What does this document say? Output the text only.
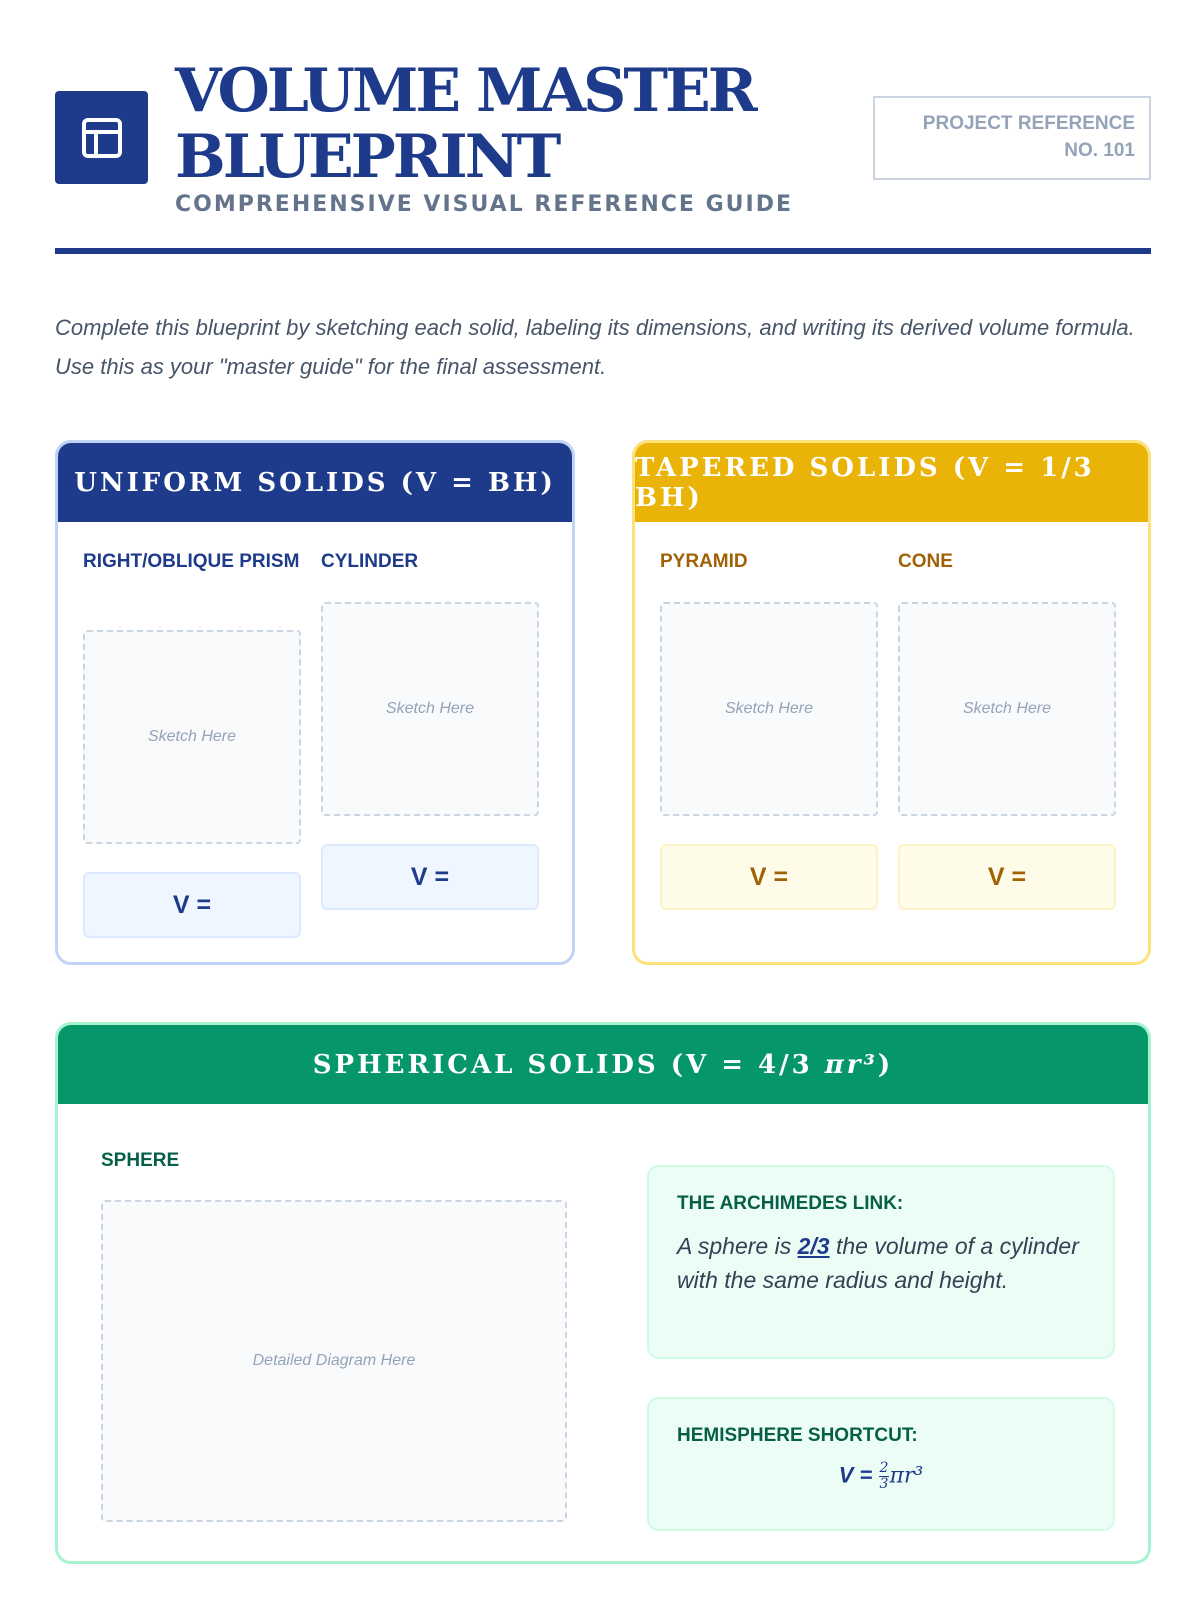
VOLUME MASTER
BLUEPRINT
COMPREHENSIVE VISUAL REFERENCE GUIDE
PROJECT REFERENCE
NO. 101

Complete this blueprint by sketching each solid, labeling its dimensions, and writing its derived volume formula. Use this as your "master guide" for the final assessment.

UNIFORM SOLIDS (V = BH)
RIGHT/OBLIQUE PRISM
Sketch Here
V =
CYLINDER
Sketch Here
V =
TAPERED SOLIDS (V = 1/3 BH)
PYRAMID
Sketch Here
V =
CONE
Sketch Here
V =
SPHERICAL SOLIDS (V = 4/3 πr³ )
SPHERE
Detailed Diagram Here
THE ARCHIMEDES LINK:
A sphere is 2/3 the volume of a cylinder with the same radius and height.
HEMISPHERE SHORTCUT:
$V = \frac{2}{3} \pi r^3$
